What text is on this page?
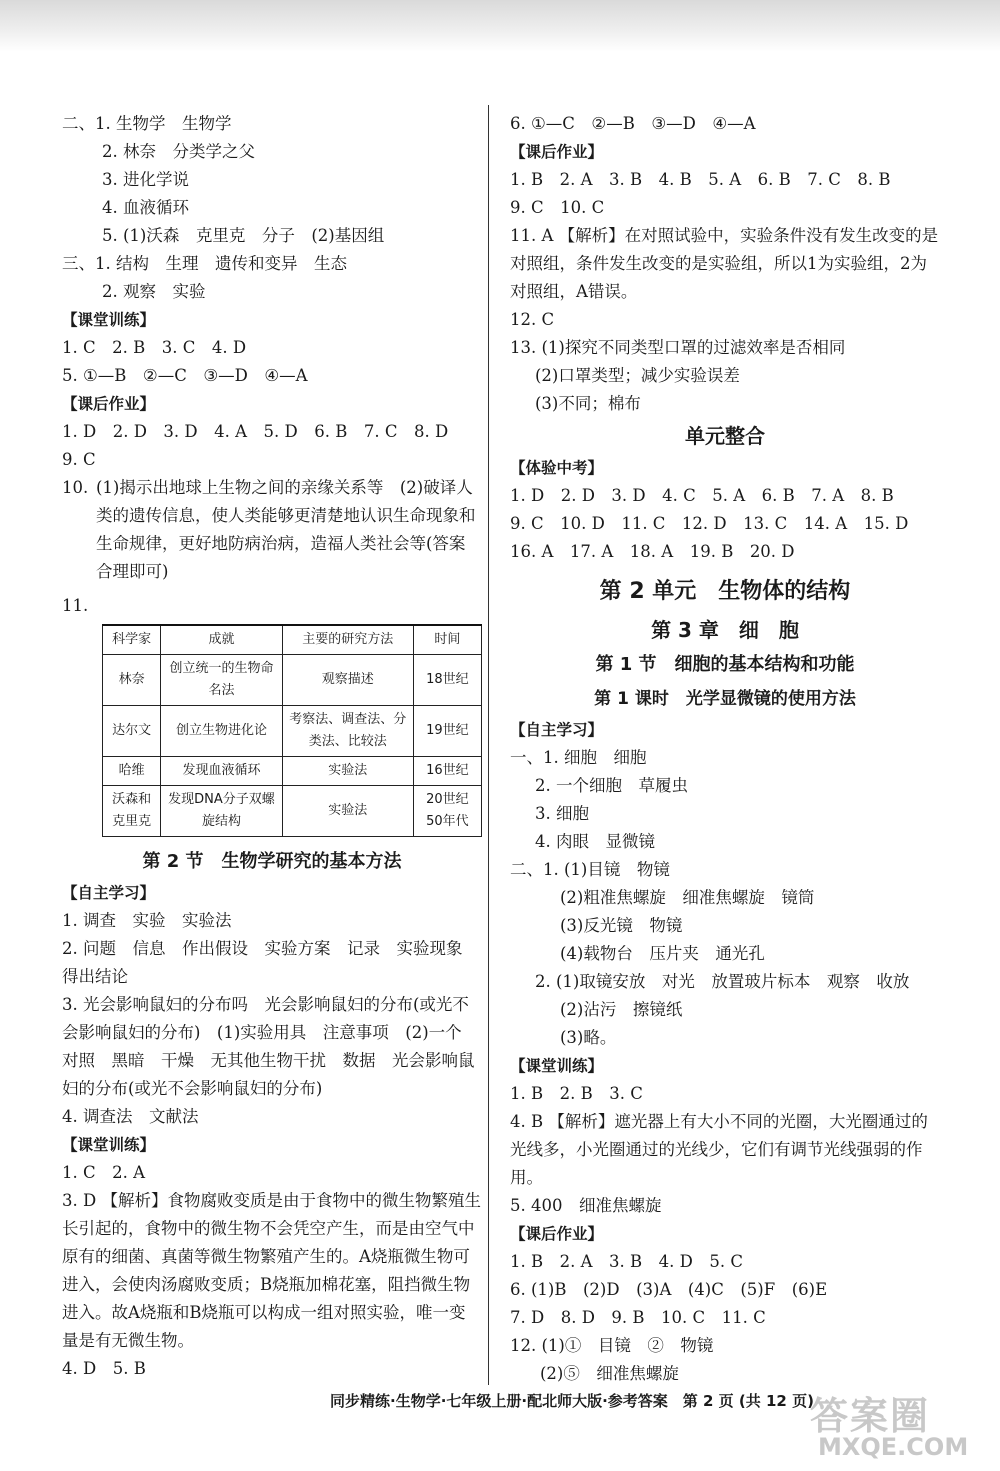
二、1. 生物学　生物学
2. 林奈　分类学之父
3. 进化学说
4. 血液循环
5. (1)沃森　克里克　分子　(2)基因组
三、1. 结构　生理　遗传和变异　生态
2. 观察　实验
【课堂训练】
1. C　2. B　3. C　4. D
5. ①—B　②—C　③—D　④—A
【课后作业】
1. D　2. D　3. D　4. A　5. D　6. B　7. C　8. D
9. C
10. (1)揭示出地球上生物之间的亲缘关系等　(2)破译人类的遗传信息，使人类能够更清楚地认识生命现象和生命规律，更好地防病治病，造福人类社会等(答案合理即可)
11.
科学家	成就	主要的研究方法	时间
林奈	创立统一的生物命名法	观察描述	18世纪
达尔文	创立生物进化论	考察法、调查法、分类法、比较法	19世纪
哈维	发现血液循环	实验法	16世纪
沃森和克里克	发现DNA分子双螺旋结构	实验法	20世纪50年代
第 2 节　生物学研究的基本方法
【自主学习】
1. 调查　实验　实验法
2. 问题　信息　作出假设　实验方案　记录　实验现象　得出结论
3. 光会影响鼠妇的分布吗　光会影响鼠妇的分布(或光不会影响鼠妇的分布)　(1)实验用具　注意事项　(2)一个　对照　黑暗　干燥　无其他生物干扰　数据　光会影响鼠妇的分布(或光不会影响鼠妇的分布)
4. 调查法　文献法
【课堂训练】
1. C　2. A
3. D 【解析】食物腐败变质是由于食物中的微生物繁殖生长引起的，食物中的微生物不会凭空产生，而是由空气中原有的细菌、真菌等微生物繁殖产生的。A烧瓶微生物可进入，会使肉汤腐败变质；B烧瓶加棉花塞，阻挡微生物进入。故A烧瓶和B烧瓶可以构成一组对照实验，唯一变量是有无微生物。
4. D　5. B
6. ①—C　②—B　③—D　④—A
【课后作业】
1. B　2. A　3. B　4. B　5. A　6. B　7. C　8. B
9. C　10. C
11. A 【解析】在对照试验中，实验条件没有发生改变的是对照组，条件发生改变的是实验组，所以1为实验组，2为对照组，A错误。
12. C
13. (1)探究不同类型口罩的过滤效率是否相同
(2)口罩类型；减少实验误差
(3)不同；棉布
单元整合
【体验中考】
1. D　2. D　3. D　4. C　5. A　6. B　7. A　8. B
9. C　10. D　11. C　12. D　13. C　14. A　15. D
16. A　17. A　18. A　19. B　20. D
第 2 单元　生物体的结构
第 3 章　细　胞
第 1 节　细胞的基本结构和功能
第 1 课时　光学显微镜的使用方法
【自主学习】
一、1. 细胞　细胞
2. 一个细胞　草履虫
3. 细胞
4. 肉眼　显微镜
二、1. (1)目镜　物镜
(2)粗准焦螺旋　细准焦螺旋　镜筒
(3)反光镜　物镜
(4)载物台　压片夹　通光孔
2. (1)取镜安放　对光　放置玻片标本　观察　收放
(2)沾污　擦镜纸
(3)略。
【课堂训练】
1. B　2. B　3. C
4. B 【解析】遮光器上有大小不同的光圈，大光圈通过的光线多，小光圈通过的光线少，它们有调节光线强弱的作用。
5. 400　细准焦螺旋
【课后作业】
1. B　2. A　3. B　4. D　5. C
6. (1)B　(2)D　(3)A　(4)C　(5)F　(6)E
7. D　8. D　9. B　10. C　11. C
12. (1)①　目镜　②　物镜
(2)⑤　细准焦螺旋
同步精练·生物学·七年级上册·配北师大版·参考答案　第 2 页 (共 12 页)
答案圈
MXQE.COM
